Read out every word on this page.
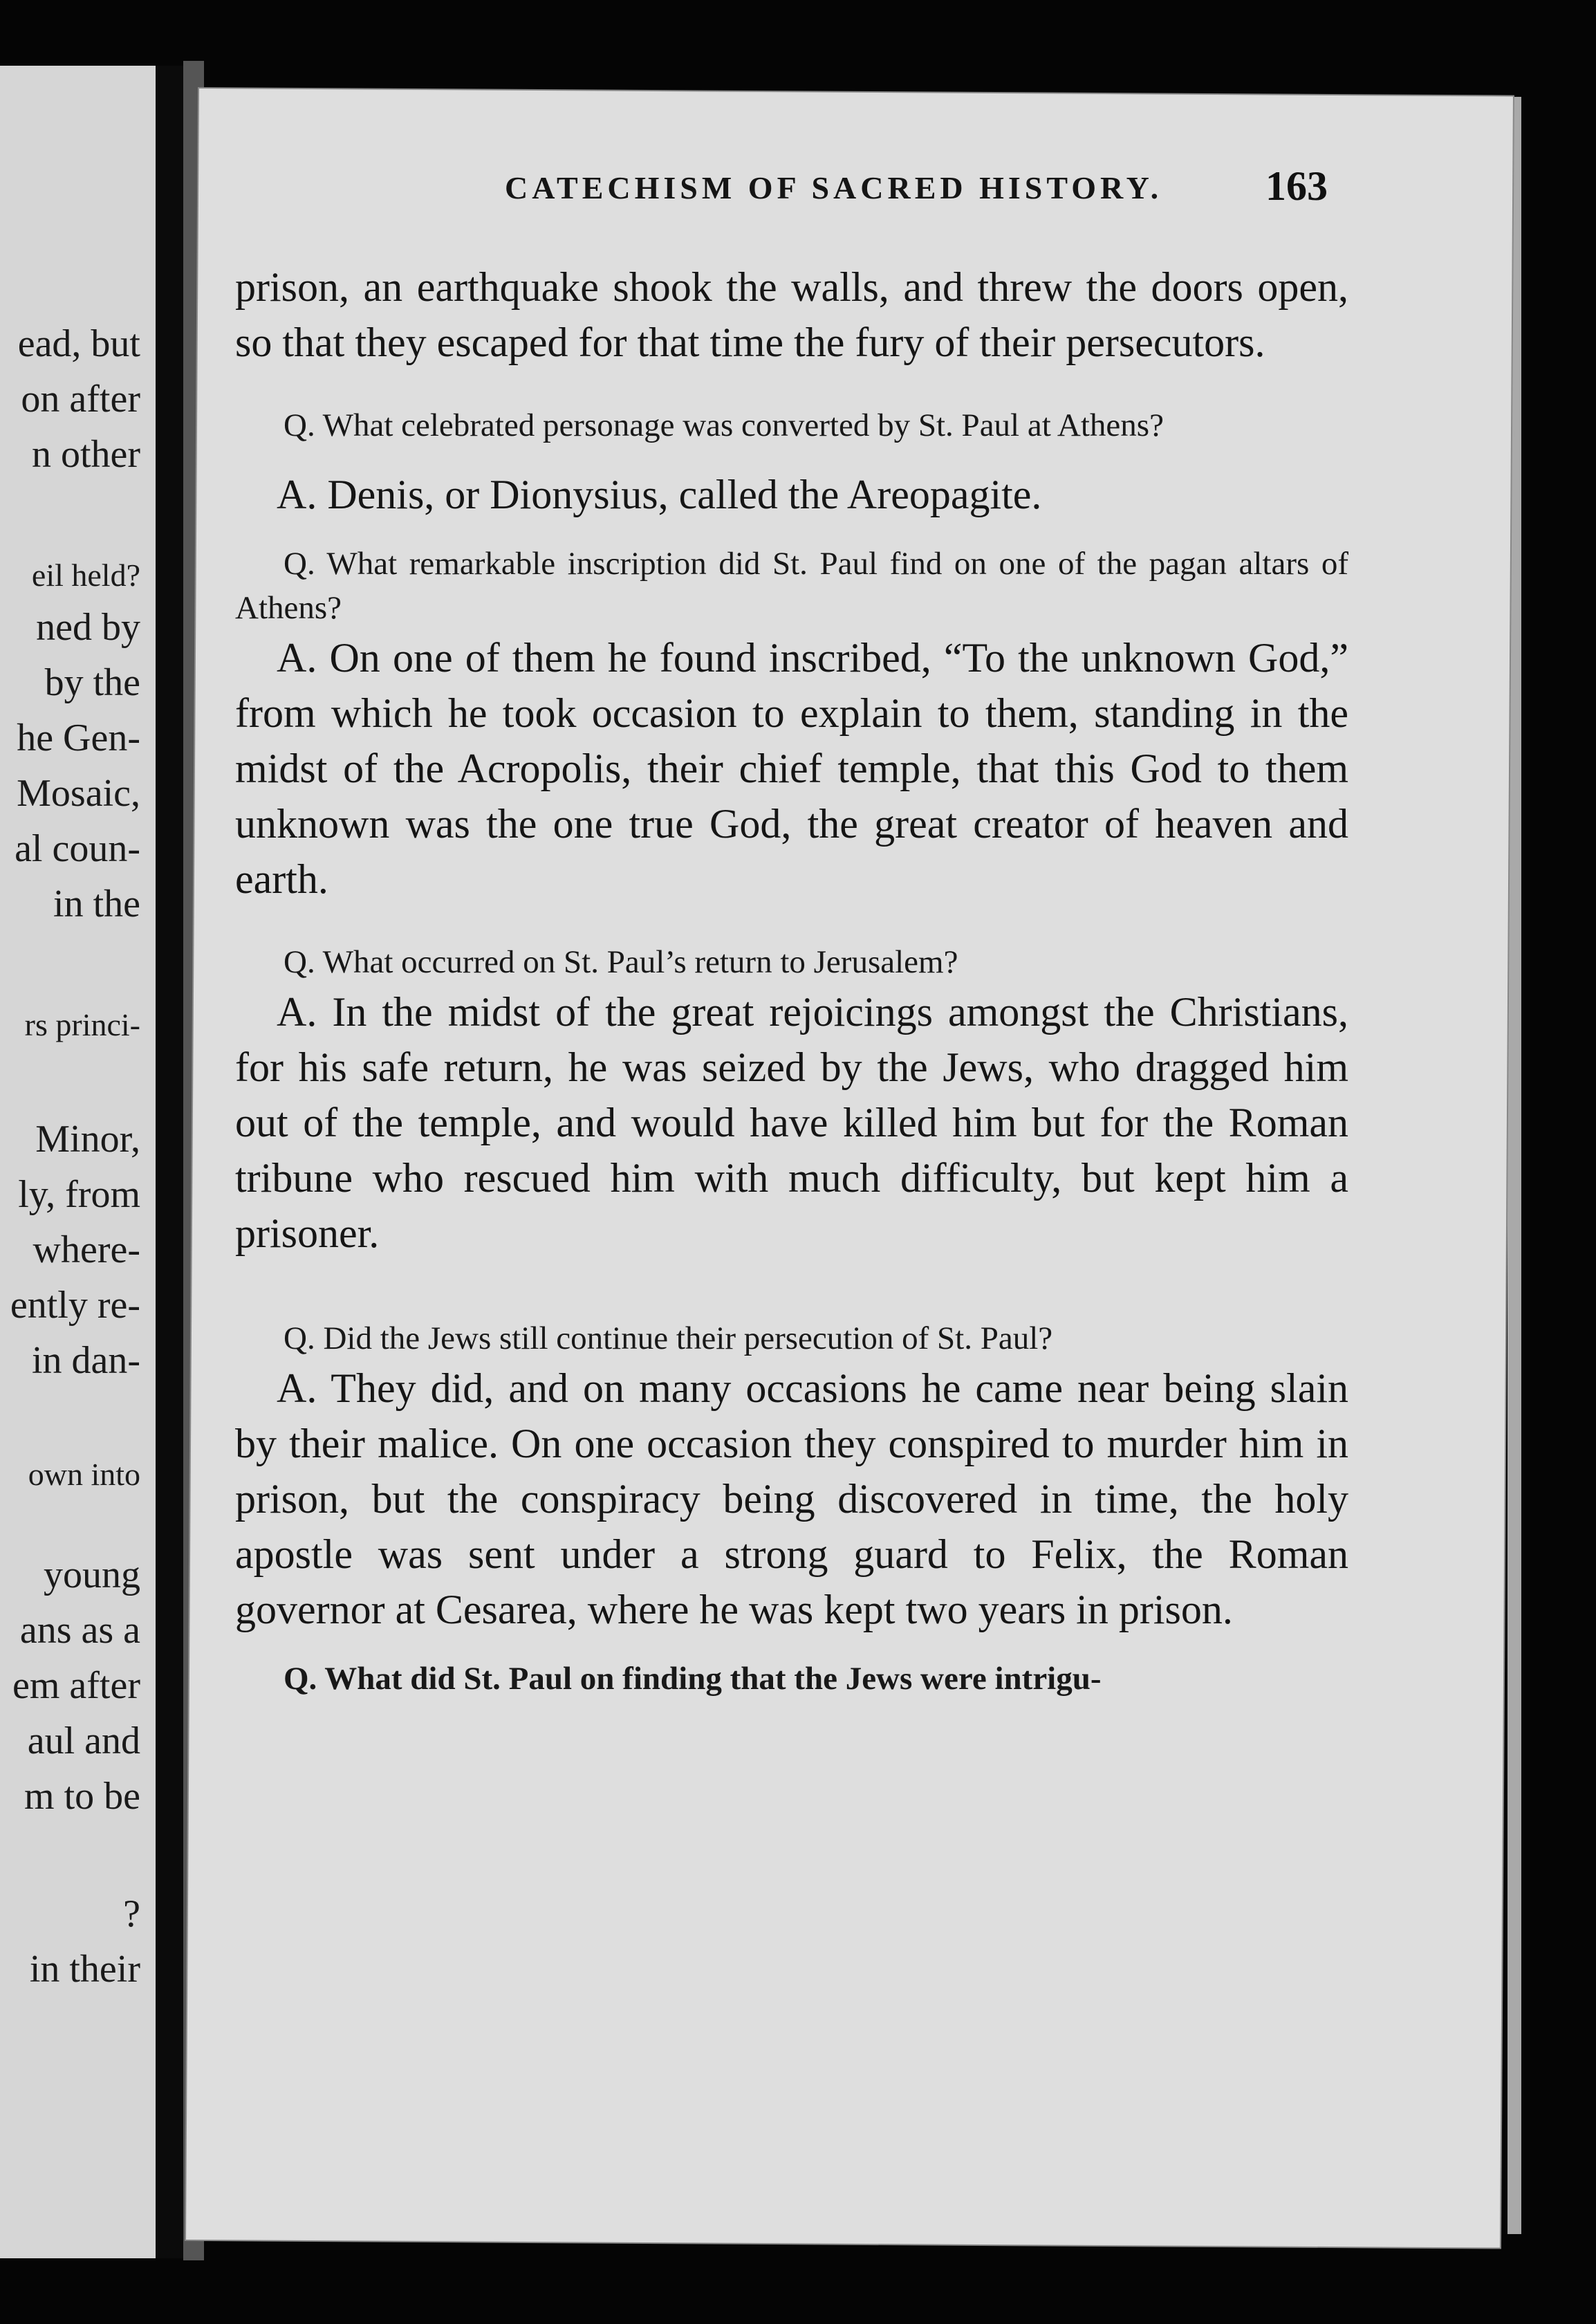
ead, but
on after
n other
eil held?
ned by
by the
he Gen-
Mosaic,
al coun-
in the
rs princi-
Minor,
ly, from
where-
ently re-
in dan-
own into
young
ans as a
em after
aul and
m to be
?
in their
CATECHISM OF SACRED HISTORY. 163

prison, an earthquake shook the walls, and threw the doors open, so that they escaped for that time the fury of their persecutors.

Q. What celebrated personage was converted by St. Paul at Athens?

A. Denis, or Dionysius, called the Areopagite.

Q. What remarkable inscription did St. Paul find on one of the pagan altars of Athens?

A. On one of them he found inscribed, “To the unknown God,” from which he took occasion to explain to them, standing in the midst of the Acropolis, their chief temple, that this God to them unknown was the one true God, the great creator of heaven and earth.

Q. What occurred on St. Paul’s return to Jerusalem?

A. In the midst of the great rejoicings amongst the Christians, for his safe return, he was seized by the Jews, who dragged him out of the temple, and would have killed him but for the Roman tribune who rescued him with much difficulty, but kept him a prisoner.

Q. Did the Jews still continue their persecution of St. Paul?

A. They did, and on many occasions he came near being slain by their malice. On one occasion they conspired to murder him in prison, but the conspiracy being discovered in time, the holy apostle was sent under a strong guard to Felix, the Roman governor at Cesarea, where he was kept two years in prison.

Q. What did St. Paul on finding that the Jews were intrigu-
